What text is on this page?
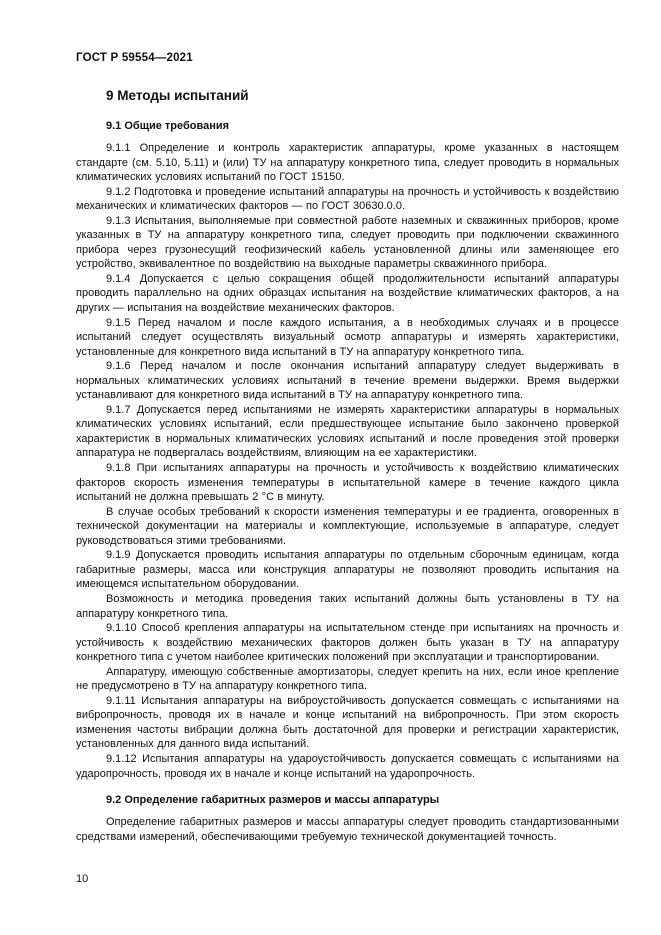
ГОСТ Р 59554—2021
9 Методы испытаний
9.1 Общие требования

9.1.1 Определение и контроль характеристик аппаратуры, кроме указанных в настоящем стандарте (см. 5.10, 5.11) и (или) ТУ на аппаратуру конкретного типа, следует проводить в нормальных климатических условиях испытаний по ГОСТ 15150.

9.1.2 Подготовка и проведение испытаний аппаратуры на прочность и устойчивость к воздействию механических и климатических факторов — по ГОСТ 30630.0.0.

9.1.3 Испытания, выполняемые при совместной работе наземных и скважинных приборов, кроме указанных в ТУ на аппаратуру конкретного типа, следует проводить при подключении скважинного прибора через грузонесущий геофизический кабель установленной длины или заменяющее его устройство, эквивалентное по воздействию на выходные параметры скважинного прибора.

9.1.4 Допускается с целью сокращения общей продолжительности испытаний аппаратуры проводить параллельно на одних образцах испытания на воздействие климатических факторов, а на других — испытания на воздействие механических факторов.

9.1.5 Перед началом и после каждого испытания, а в необходимых случаях и в процессе испытаний следует осуществлять визуальный осмотр аппаратуры и измерять характеристики, установленные для конкретного вида испытаний в ТУ на аппаратуру конкретного типа.

9.1.6 Перед началом и после окончания испытаний аппаратуру следует выдерживать в нормальных климатических условиях испытаний в течение времени выдержки. Время выдержки устанавливают для конкретного вида испытаний в ТУ на аппаратуру конкретного типа.

9.1.7 Допускается перед испытаниями не измерять характеристики аппаратуры в нормальных климатических условиях испытаний, если предшествующее испытание было закончено проверкой характеристик в нормальных климатических условиях испытаний и после проведения этой проверки аппаратура не подвергалась воздействиям, влияющим на ее характеристики.

9.1.8 При испытаниях аппаратуры на прочность и устойчивость к воздействию климатических факторов скорость изменения температуры в испытательной камере в течение каждого цикла испытаний не должна превышать 2 °С в минуту.

В случае особых требований к скорости изменения температуры и ее градиента, оговоренных в технической документации на материалы и комплектующие, используемые в аппаратуре, следует руководствоваться этими требованиями.

9.1.9 Допускается проводить испытания аппаратуры по отдельным сборочным единицам, когда габаритные размеры, масса или конструкция аппаратуры не позволяют проводить испытания на имеющемся испытательном оборудовании.

Возможность и методика проведения таких испытаний должны быть установлены в ТУ на аппаратуру конкретного типа.

9.1.10 Способ крепления аппаратуры на испытательном стенде при испытаниях на прочность и устойчивость к воздействию механических факторов должен быть указан в ТУ на аппаратуру конкретного типа с учетом наиболее критических положений при эксплуатации и транспортировании.

Аппаратуру, имеющую собственные амортизаторы, следует крепить на них, если иное крепление не предусмотрено в ТУ на аппаратуру конкретного типа.

9.1.11 Испытания аппаратуры на виброустойчивость допускается совмещать с испытаниями на вибропрочность, проводя их в начале и конце испытаний на вибропрочность. При этом скорость изменения частоты вибрации должна быть достаточной для проверки и регистрации характеристик, установленных для данного вида испытаний.

9.1.12 Испытания аппаратуры на удароустойчивость допускается совмещать с испытаниями на ударопрочность, проводя их в начале и конце испытаний на ударопрочность.

9.2 Определение габаритных размеров и массы аппаратуры

Определение габаритных размеров и массы аппаратуры следует проводить стандартизованными средствами измерений, обеспечивающими требуемую технической документацией точность.

10
